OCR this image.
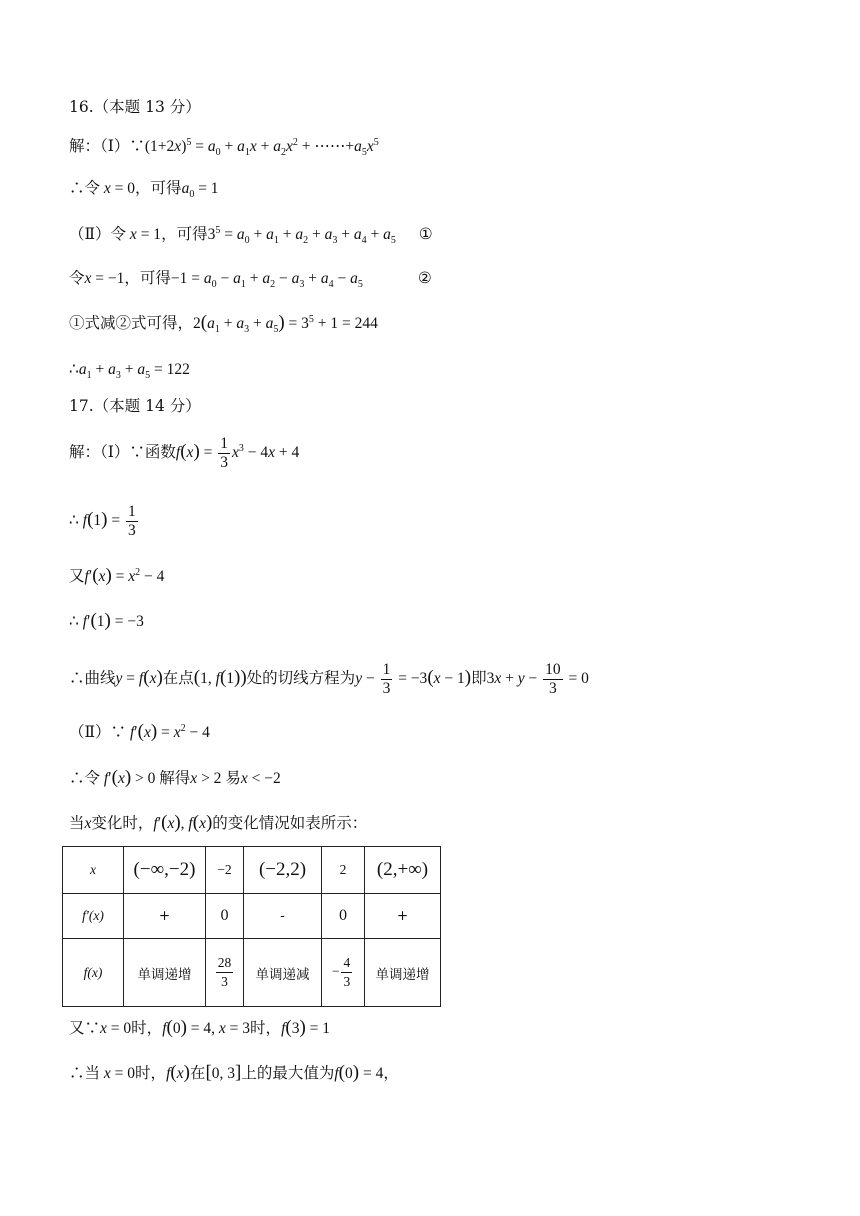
16.（本题 13 分）
解：$(Ⅰ)\because(1+2x)^5 = a_0 + a_1x + a_2x^2$ + $\cdots\cdots+a_5x^5$
∴令 x = 0，可得$a_0 = 1$
（Ⅱ）令 x = 1，可得$3^5 = a_0 + a_1 + a_2 + a_3 + a_4 + a_5$ ①
令x = −1，可得$-1 = a_0 - a_1 + a_2 - a_3 + a_4 - a_5$	②
①式减②式可得，$2(a_1 + a_3 + a_5) = 3^5 + 1 = 244$
$\therefore a_1 + a_3 + a_5 = 122$
17.（本题 14 分）
解：（Ⅰ）∵函数$f(x) = \frac{1}{3} x^3 - 4x + 4$
∴ $f(1) = \frac{1}{3}$
又$f'(x) = x^2 - 4$
∴ f′(1) = −3
∴曲线y = f(x)在点(1, f(1))处的切线方程为$y - \frac{1}{3} = -3(x - 1)$即$3x + y - \frac{10}{3} = 0$
（Ⅱ）∵ $f'(x) = x^2 - 4$
∴令 f′(x) > 0 解得x > 2 易x < −2
当x变化时，f′(x), f(x)的变化情况如表所示：
x	(−∞,−2)	−2	(−2,2)	2	(2,+∞)
f′(x)	+	0	-	0	+
f(x)	单调递增	$\frac{28}{3}$	单调递减	− $\frac{4}{3}$	单调递增
又∵x = 0时，f(0) = 4, x = 3时，f(3) = 1
∴当 x = 0时，f(x)在[0, 3]上的最大值为f(0) = 4，
